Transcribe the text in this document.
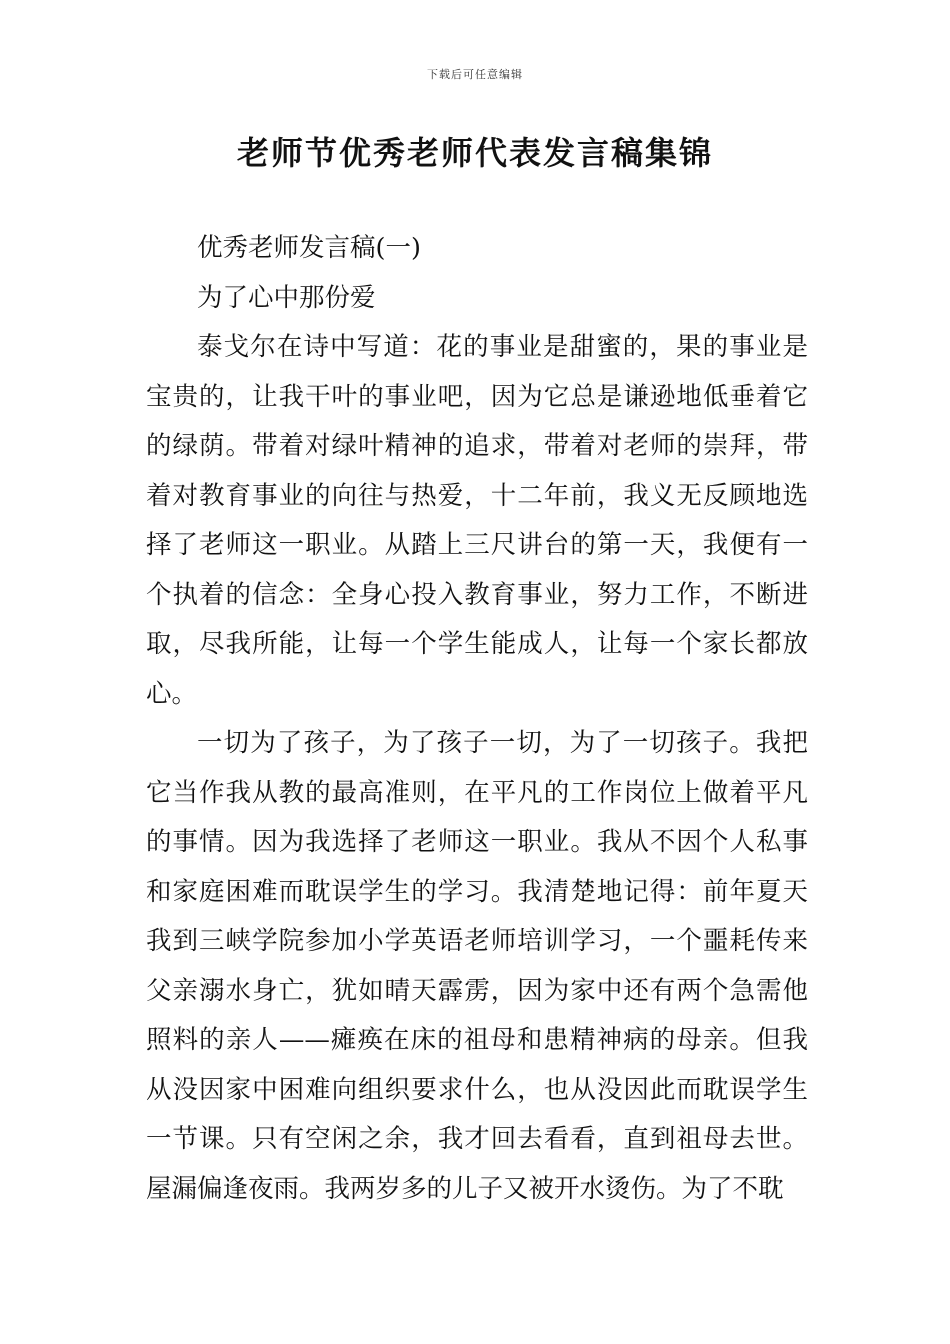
下载后可任意编辑
老师节优秀老师代表发言稿集锦

优秀老师发言稿(一)

为了心中那份爱

泰戈尔在诗中写道：花的事业是甜蜜的，果的事业是宝贵的，让我干叶的事业吧，因为它总是谦逊地低垂着它的绿荫。带着对绿叶精神的追求，带着对老师的崇拜，带着对教育事业的向往与热爱，十二年前，我义无反顾地选择了老师这一职业。从踏上三尺讲台的第一天，我便有一个执着的信念：全身心投入教育事业，努力工作，不断进取，尽我所能，让每一个学生能成人，让每一个家长都放心。

一切为了孩子，为了孩子一切，为了一切孩子。我把它当作我从教的最高准则，在平凡的工作岗位上做着平凡的事情。因为我选择了老师这一职业。我从不因个人私事和家庭困难而耽误学生的学习。我清楚地记得：前年夏天我到三峡学院参加小学英语老师培训学习，一个噩耗传来父亲溺水身亡，犹如晴天霹雳，因为家中还有两个急需他照料的亲人——瘫痪在床的祖母和患精神病的母亲。但我从没因家中困难向组织要求什么，也从没因此而耽误学生一节课。只有空闲之余，我才回去看看，直到祖母去世。屋漏偏逢夜雨。我两岁多的儿子又被开水烫伤。为了不耽
